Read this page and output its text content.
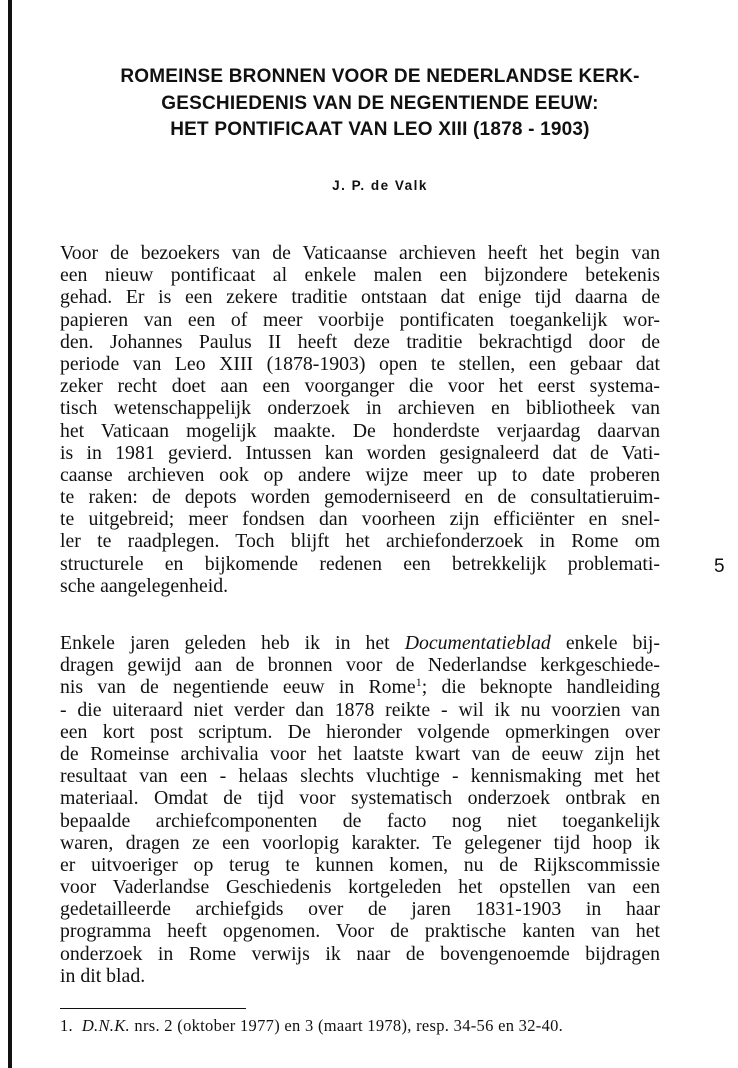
ROMEINSE BRONNEN VOOR DE NEDERLANDSE KERK-
GESCHIEDENIS VAN DE NEGENTIENDE EEUW:
HET PONTIFICAAT VAN LEO XIII (1878 - 1903)
J. P. de Valk
Voor de bezoekers van de Vaticaanse archieven heeft het begin van
een nieuw pontificaat al enkele malen een bijzondere betekenis
gehad. Er is een zekere traditie ontstaan dat enige tijd daarna de
papieren van een of meer voorbije pontificaten toegankelijk wor-
den. Johannes Paulus II heeft deze traditie bekrachtigd door de
periode van Leo XIII (1878-1903) open te stellen, een gebaar dat
zeker recht doet aan een voorganger die voor het eerst systema-
tisch wetenschappelijk onderzoek in archieven en bibliotheek van
het Vaticaan mogelijk maakte. De honderdste verjaardag daarvan
is in 1981 gevierd. Intussen kan worden gesignaleerd dat de Vati-
caanse archieven ook op andere wijze meer up to date proberen
te raken: de depots worden gemoderniseerd en de consultatieruim-
te uitgebreid; meer fondsen dan voorheen zijn efficiënter en snel-
ler te raadplegen. Toch blijft het archiefonderzoek in Rome om
structurele en bijkomende redenen een betrekkelijk problemati-
sche aangelegenheid.
5
Enkele jaren geleden heb ik in het Documentatieblad enkele bij-
dragen gewijd aan de bronnen voor de Nederlandse kerkgeschiede-
nis van de negentiende eeuw in Rome$^1$; die beknopte handleiding
- die uiteraard niet verder dan 1878 reikte - wil ik nu voorzien van
een kort post scriptum. De hieronder volgende opmerkingen over
de Romeinse archivalia voor het laatste kwart van de eeuw zijn het
resultaat van een - helaas slechts vluchtige - kennismaking met het
materiaal. Omdat de tijd voor systematisch onderzoek ontbrak en
bepaalde archiefcomponenten de facto nog niet toegankelijk
waren, dragen ze een voorlopig karakter. Te gelegener tijd hoop ik
er uitvoeriger op terug te kunnen komen, nu de Rijkscommissie
voor Vaderlandse Geschiedenis kortgeleden het opstellen van een
gedetailleerde archiefgids over de jaren 1831-1903 in haar
programma heeft opgenomen. Voor de praktische kanten van het
onderzoek in Rome verwijs ik naar de bovengenoemde bijdragen
in dit blad.
1. D.N.K. nrs. 2 (oktober 1977) en 3 (maart 1978), resp. 34-56 en 32-40.
